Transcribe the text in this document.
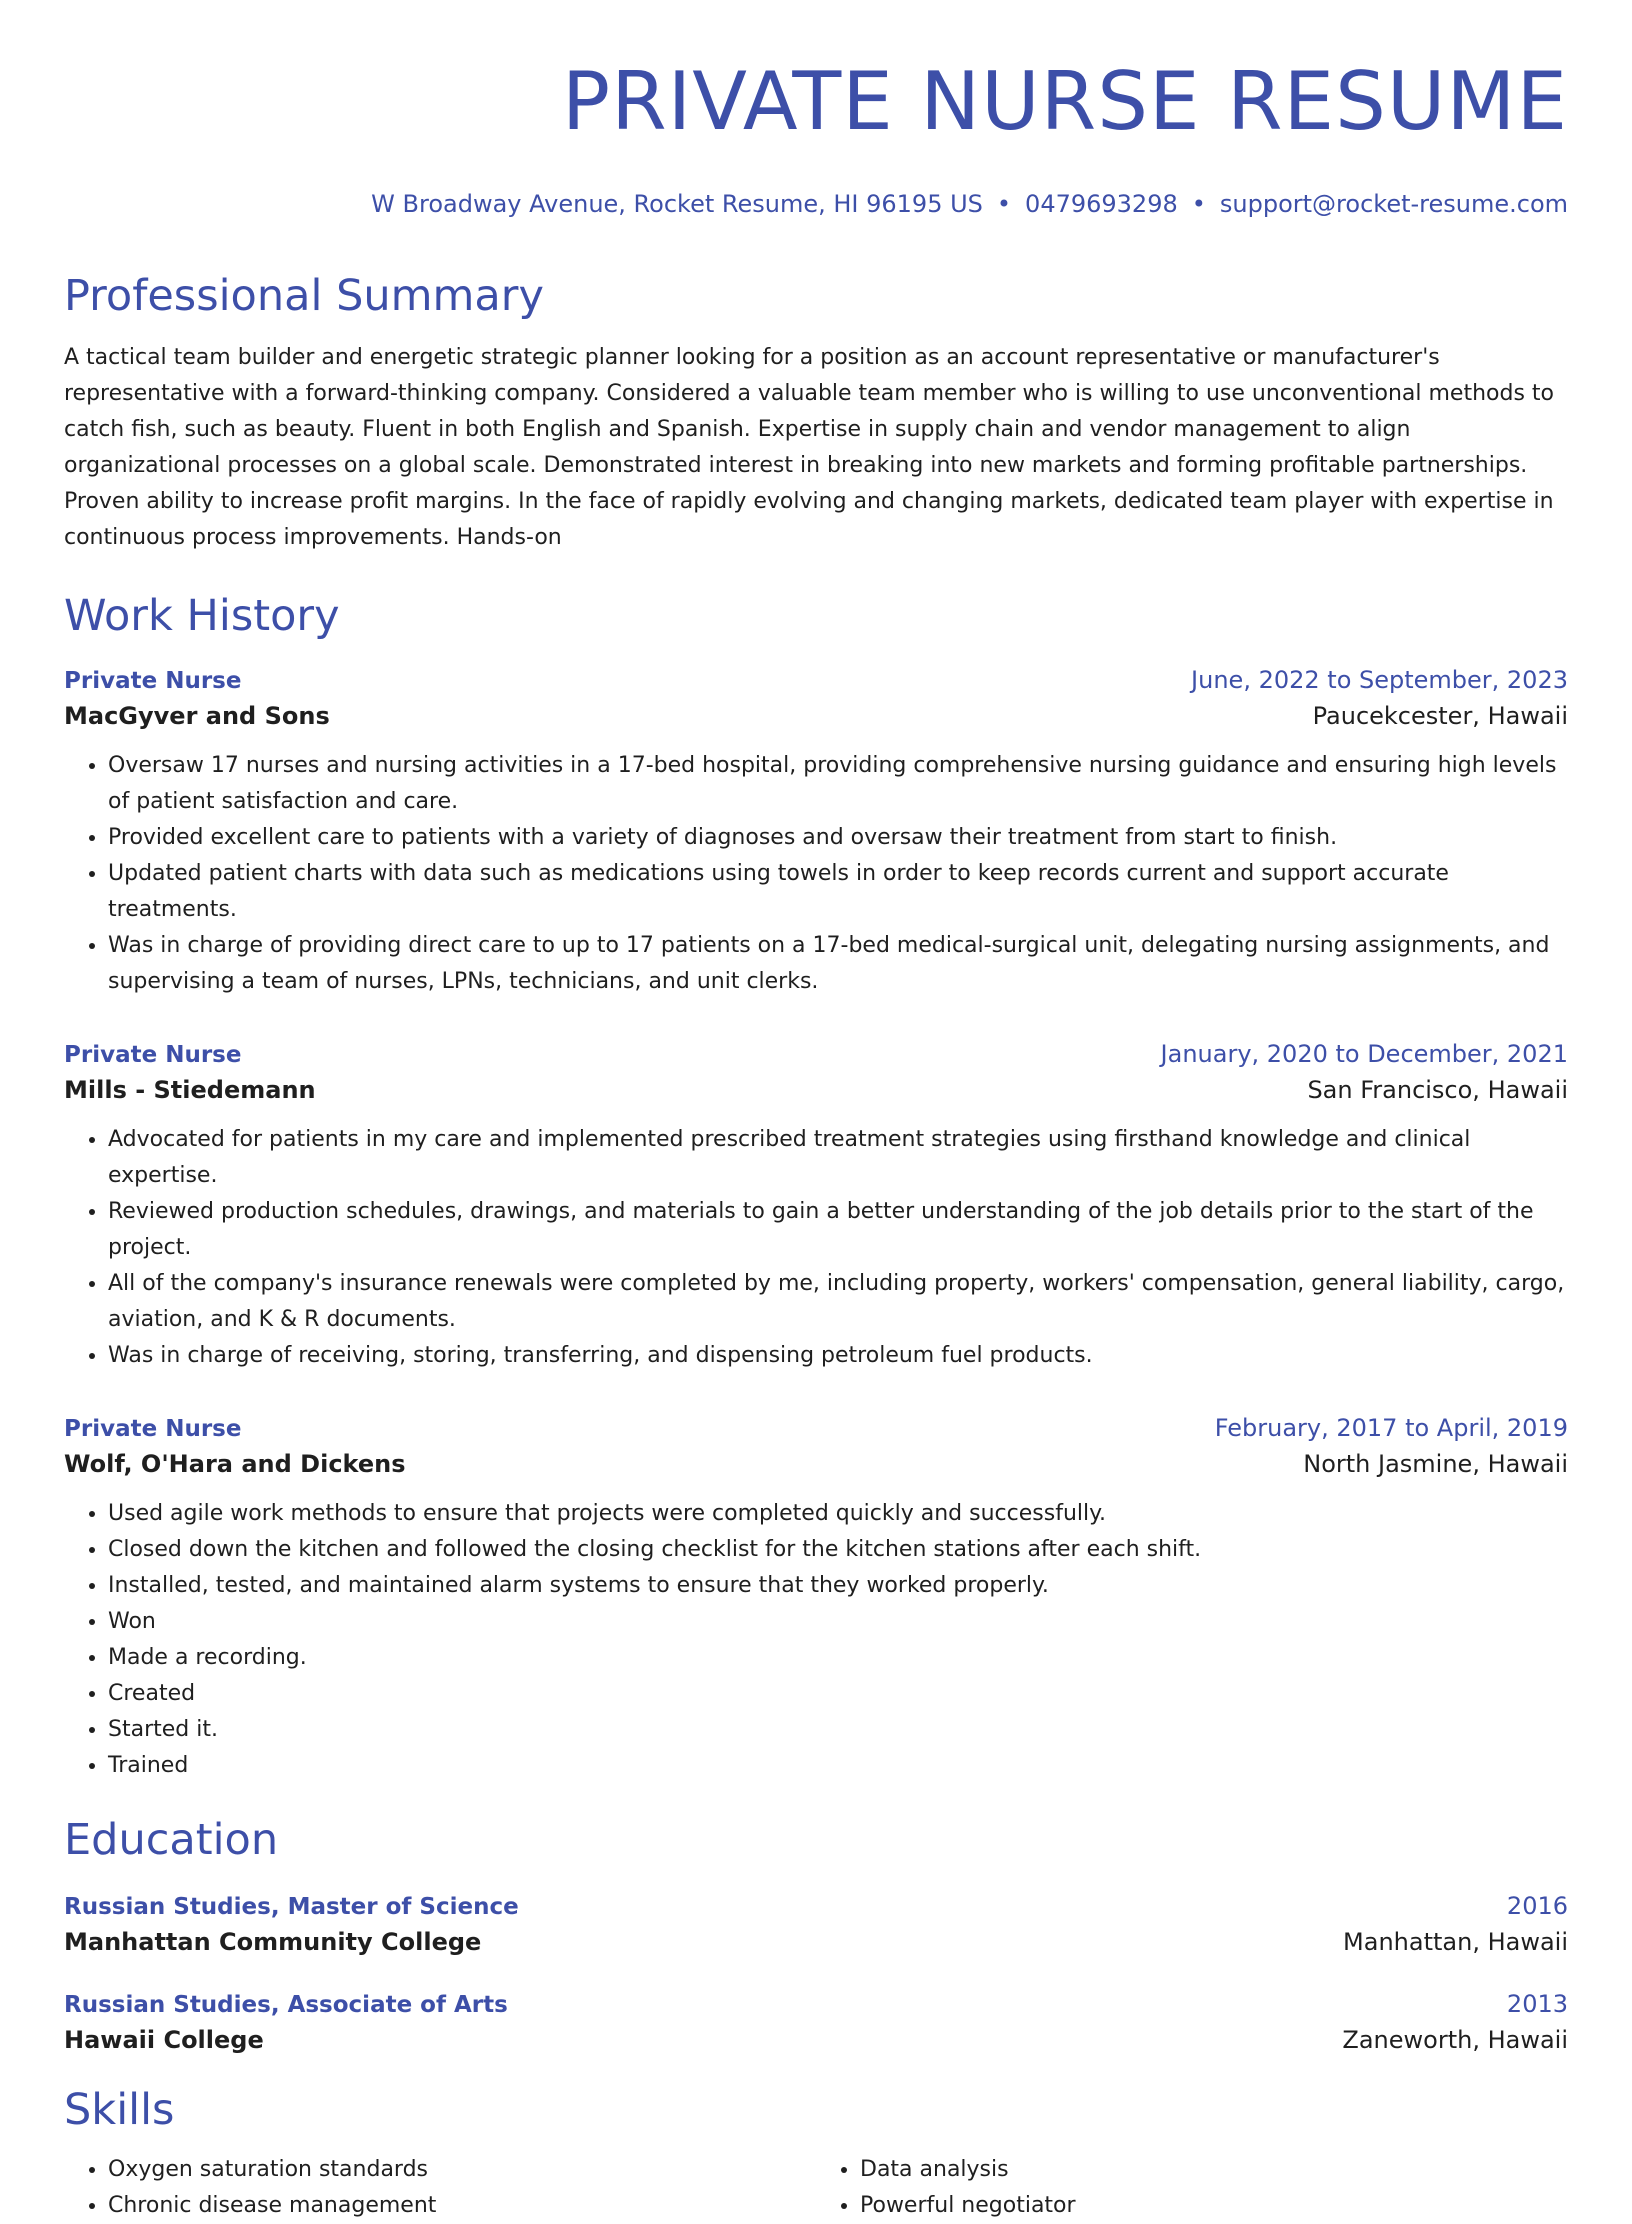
PRIVATE NURSE RESUME
W Broadway Avenue, Rocket Resume, HI 96195 US • 0479693298 • support@rocket-resume.com
Professional Summary
A tactical team builder and energetic strategic planner looking for a position as an account representative or manufacturer's representative with a forward-thinking company. Considered a valuable team member who is willing to use unconventional methods to catch fish, such as beauty. Fluent in both English and Spanish. Expertise in supply chain and vendor management to align organizational processes on a global scale. Demonstrated interest in breaking into new markets and forming profitable partnerships. Proven ability to increase profit margins. In the face of rapidly evolving and changing markets, dedicated team player with expertise in continuous process improvements. Hands-on
Work History
Private Nurse	June, 2022 to September, 2023
MacGyver and Sons	Paucekcester, Hawaii
• Oversaw 17 nurses and nursing activities in a 17-bed hospital, providing comprehensive nursing guidance and ensuring high levels of patient satisfaction and care.
• Provided excellent care to patients with a variety of diagnoses and oversaw their treatment from start to finish.
• Updated patient charts with data such as medications using towels in order to keep records current and support accurate treatments.
• Was in charge of providing direct care to up to 17 patients on a 17-bed medical-surgical unit, delegating nursing assignments, and supervising a team of nurses, LPNs, technicians, and unit clerks.
Private Nurse	January, 2020 to December, 2021
Mills - Stiedemann	San Francisco, Hawaii
• Advocated for patients in my care and implemented prescribed treatment strategies using firsthand knowledge and clinical expertise.
• Reviewed production schedules, drawings, and materials to gain a better understanding of the job details prior to the start of the project.
• All of the company's insurance renewals were completed by me, including property, workers' compensation, general liability, cargo, aviation, and K & R documents.
• Was in charge of receiving, storing, transferring, and dispensing petroleum fuel products.
Private Nurse	February, 2017 to April, 2019
Wolf, O'Hara and Dickens	North Jasmine, Hawaii
• Used agile work methods to ensure that projects were completed quickly and successfully.
• Closed down the kitchen and followed the closing checklist for the kitchen stations after each shift.
• Installed, tested, and maintained alarm systems to ensure that they worked properly.
• Won
• Made a recording.
• Created
• Started it.
• Trained
Education
Russian Studies, Master of Science	2016
Manhattan Community College	Manhattan, Hawaii
Russian Studies, Associate of Arts	2013
Hawaii College	Zaneworth, Hawaii
Skills
• Oxygen saturation standards
• Chronic disease management
• Data analysis
• Powerful negotiator
